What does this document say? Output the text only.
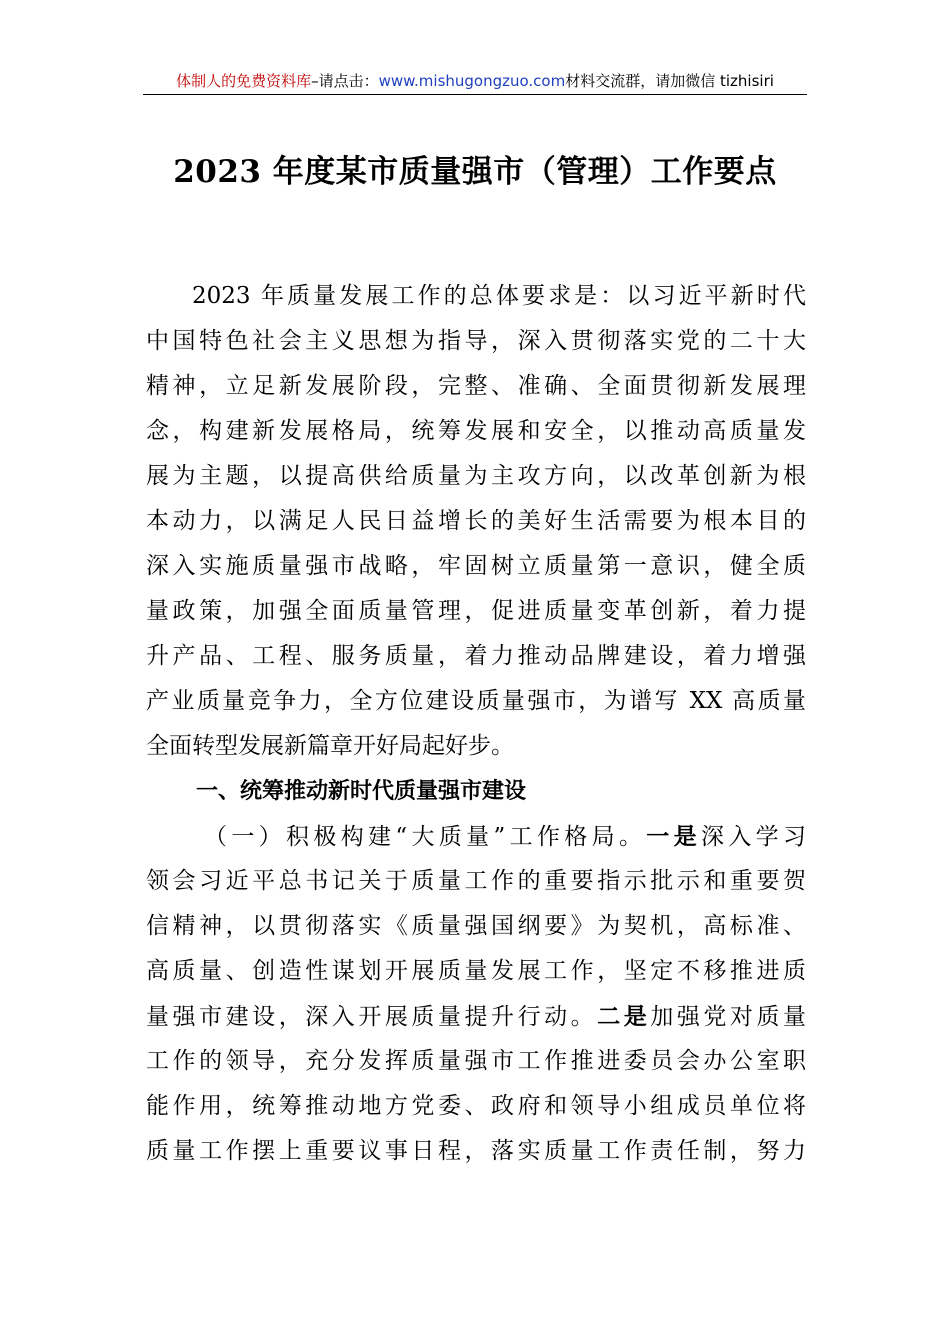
体制人的免费资料库–请点击：www.mishugongzuo.com材料交流群，请加微信 tizhisiri
2023 年度某市质量强市（管理）工作要点
2023 年质量发展工作的总体要求是：以习近平新时代
中国特色社会主义思想为指导，深入贯彻落实党的二十大
精神，立足新发展阶段，完整、准确、全面贯彻新发展理
念，构建新发展格局，统筹发展和安全，以推动高质量发
展为主题，以提高供给质量为主攻方向，以改革创新为根
本动力，以满足人民日益增长的美好生活需要为根本目的
深入实施质量强市战略，牢固树立质量第一意识，健全质
量政策，加强全面质量管理，促进质量变革创新，着力提
升产品、工程、服务质量，着力推动品牌建设，着力增强
产业质量竞争力，全方位建设质量强市，为谱写 XX 高质量
全面转型发展新篇章开好局起好步。
一、统筹推动新时代质量强市建设
（一）积极构建“大质量”工作格局。一是深入学习
领会习近平总书记关于质量工作的重要指示批示和重要贺
信精神，以贯彻落实《质量强国纲要》为契机，高标准、
高质量、创造性谋划开展质量发展工作，坚定不移推进质
量强市建设，深入开展质量提升行动。二是加强党对质量
工作的领导，充分发挥质量强市工作推进委员会办公室职
能作用，统筹推动地方党委、政府和领导小组成员单位将
质量工作摆上重要议事日程，落实质量工作责任制，努力
